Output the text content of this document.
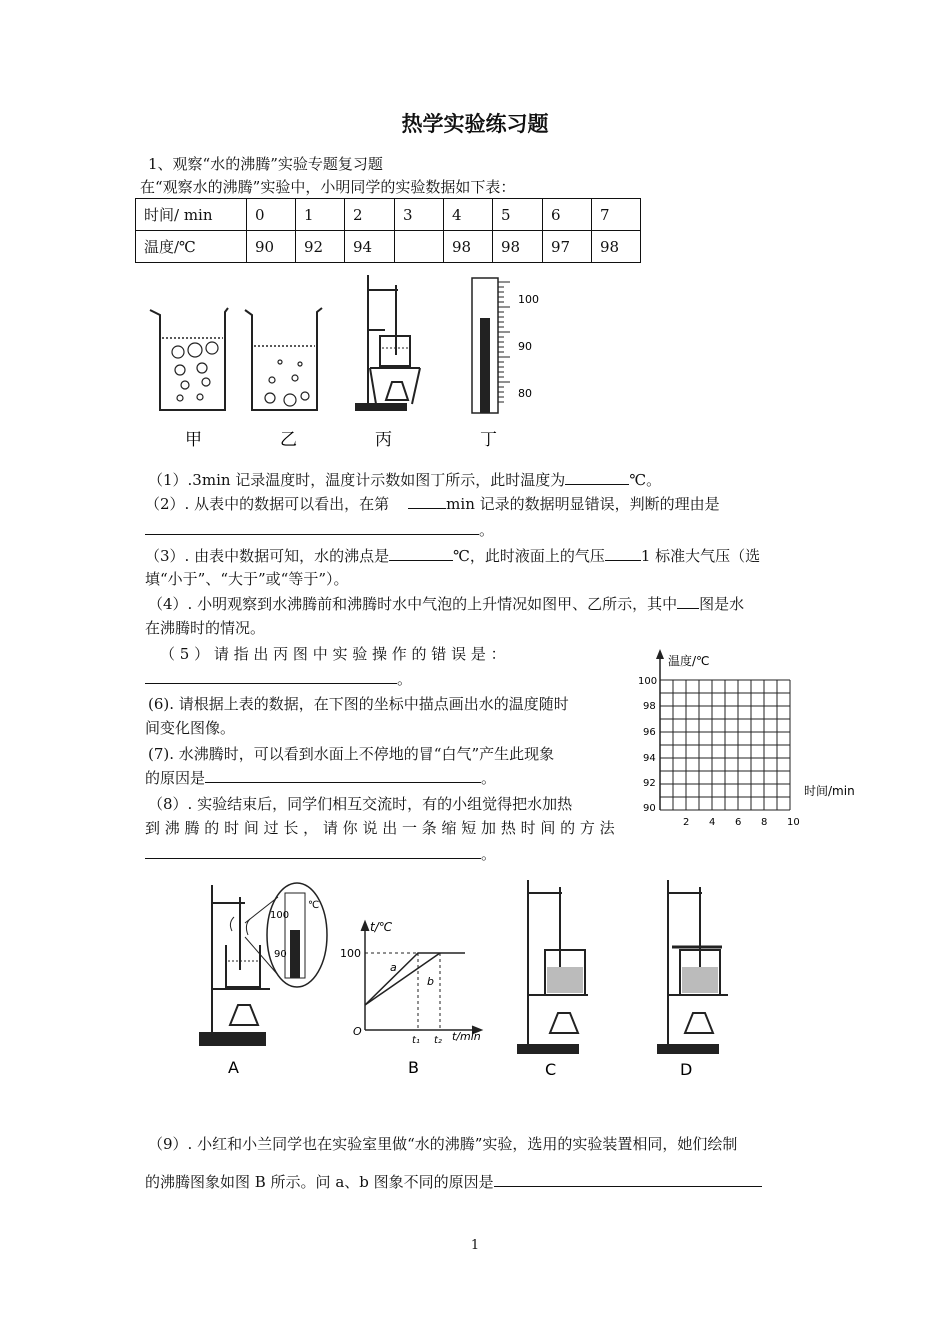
热学实验练习题
1、观察“水的沸腾”实验专题复习题
在“观察水的沸腾”实验中，小明同学的实验数据如下表：
时间/ min	0	1	2	3	4	5	6	7
温度/℃	90	92	94		98	98	97	98
100
90
80
甲	乙	丙	丁
（1）.3min 记录温度时，温度计示数如图丁所示，此时温度为	℃。
（2）. 从表中的数据可以看出，在第	min 记录的数据明显错误，判断的理由是
。
（3）. 由表中数据可知，水的沸点是	℃，此时液面上的气压 1 标准大气压（选
填“小于”、“大于”或“等于”）。
（4）. 小明观察到水沸腾前和沸腾时水中气泡的上升情况如图甲、乙所示，其中 图是水
在沸腾时的情况。
（ 5 ） 请 指 出 丙 图 中 实 验 操 作 的 错 误 是 ：
。
(6). 请根据上表的数据，在下图的坐标中描点画出水的温度随时
间变化图像。
(7). 水沸腾时，可以看到水面上不停地的冒“白气”产生此现象
的原因是	。
（8）. 实验结束后，同学们相互交流时，有的小组觉得把水加热
到 沸 腾 的 时 间 过 长 ， 请 你 说 出 一 条 缩 短 加 热 时 间 的 方 法
。
温度/℃
时间/min
100
98
96
94
92
90
2 4 6 8 10
100
90
℃
t/℃
t/min
O
100
t₁ t₂
a
b
A	B	C	D
（9）. 小红和小兰同学也在实验室里做“水的沸腾”实验，选用的实验装置相同，她们绘制
的沸腾图象如图 B 所示。问 a、b 图象不同的原因是
1
